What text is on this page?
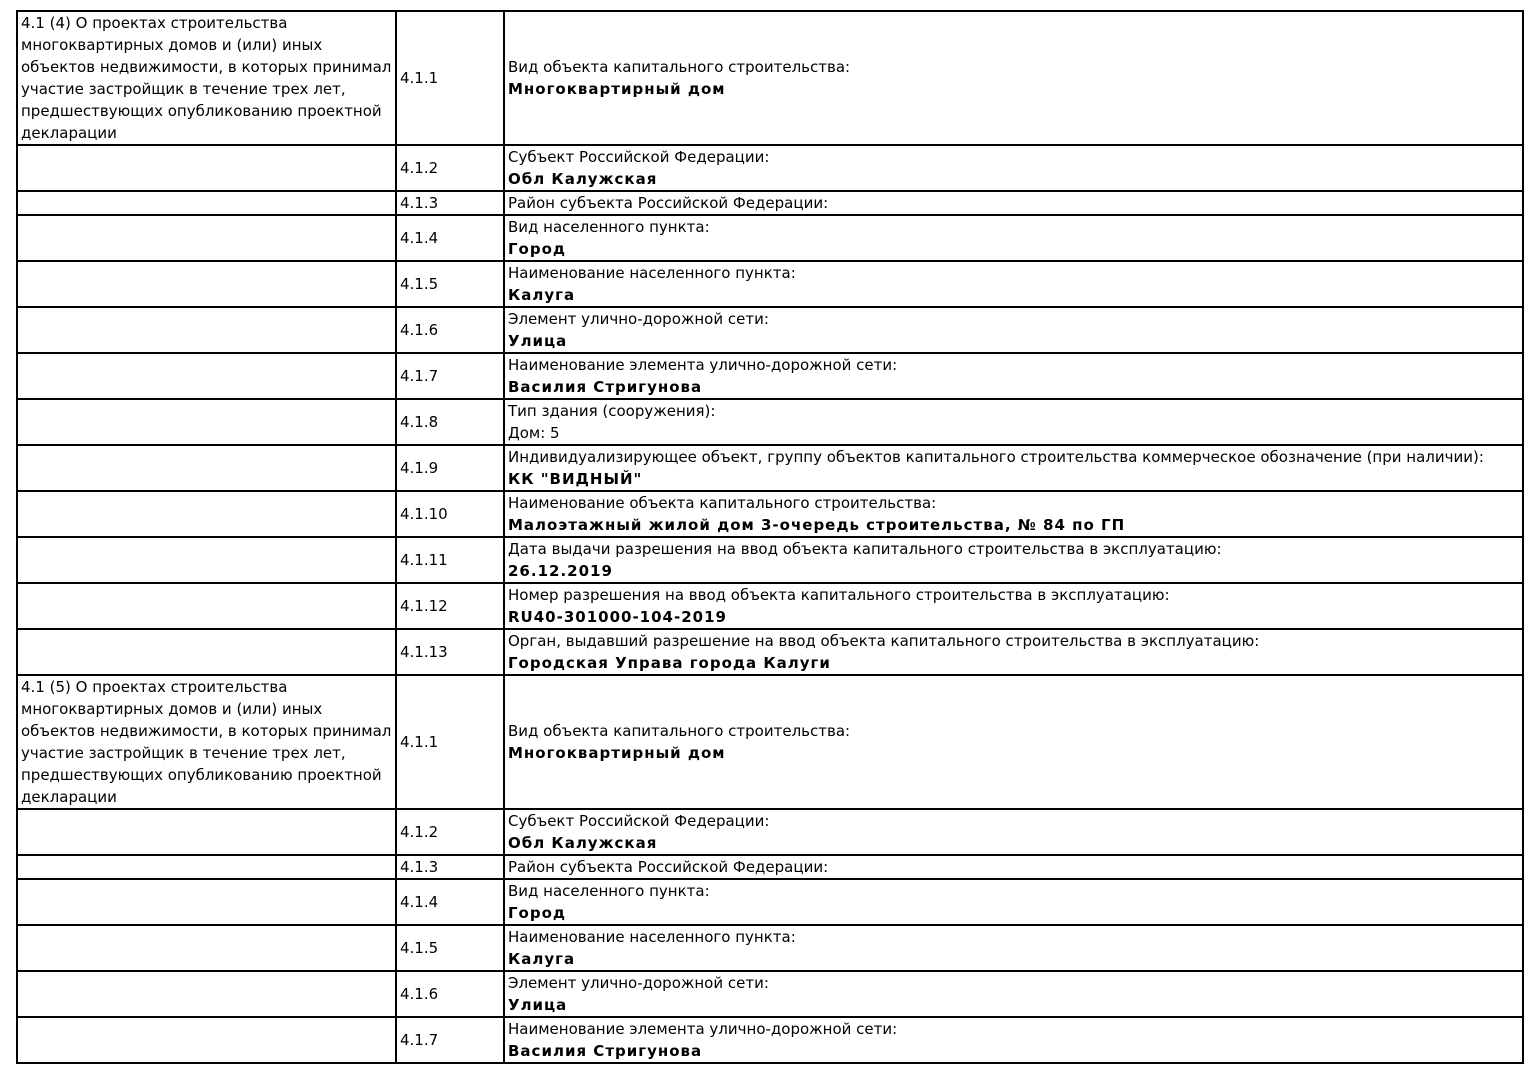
4.1 (4) О проектах строительства многоквартирных домов и (или) иных объектов недвижимости, в которых принимал участие застройщик в течение трех лет, предшествующих опубликованию проектной декларации	4.1.1	Вид объекта капитального строительства:
Многоквартирный дом

	4.1.2	Субъект Российской Федерации:
Обл Калужская

	4.1.3	Район субъекта Российской Федерации:

	4.1.4	Вид населенного пункта:
Город

	4.1.5	Наименование населенного пункта:
Калуга

	4.1.6	Элемент улично-дорожной сети:
Улица

	4.1.7	Наименование элемента улично-дорожной сети:
Василия Стригунова

	4.1.8	Тип здания (сооружения):
Дом: 5

	4.1.9	Индивидуализирующее объект, группу объектов капитального строительства коммерческое обозначение (при наличии):
КК "ВИДНЫЙ"

	4.1.10	Наименование объекта капитального строительства:
Малоэтажный жилой дом 3-очередь строительства, № 84 по ГП

	4.1.11	Дата выдачи разрешения на ввод объекта капитального строительства в эксплуатацию:
26.12.2019

	4.1.12	Номер разрешения на ввод объекта капитального строительства в эксплуатацию:
RU40-301000-104-2019

	4.1.13	Орган, выдавший разрешение на ввод объекта капитального строительства в эксплуатацию:
Городская Управа города Калуги

4.1 (5) О проектах строительства многоквартирных домов и (или) иных объектов недвижимости, в которых принимал участие застройщик в течение трех лет, предшествующих опубликованию проектной декларации	4.1.1	Вид объекта капитального строительства:
Многоквартирный дом

	4.1.2	Субъект Российской Федерации:
Обл Калужская

	4.1.3	Район субъекта Российской Федерации:

	4.1.4	Вид населенного пункта:
Город

	4.1.5	Наименование населенного пункта:
Калуга

	4.1.6	Элемент улично-дорожной сети:
Улица

	4.1.7	Наименование элемента улично-дорожной сети:
Василия Стригунова
